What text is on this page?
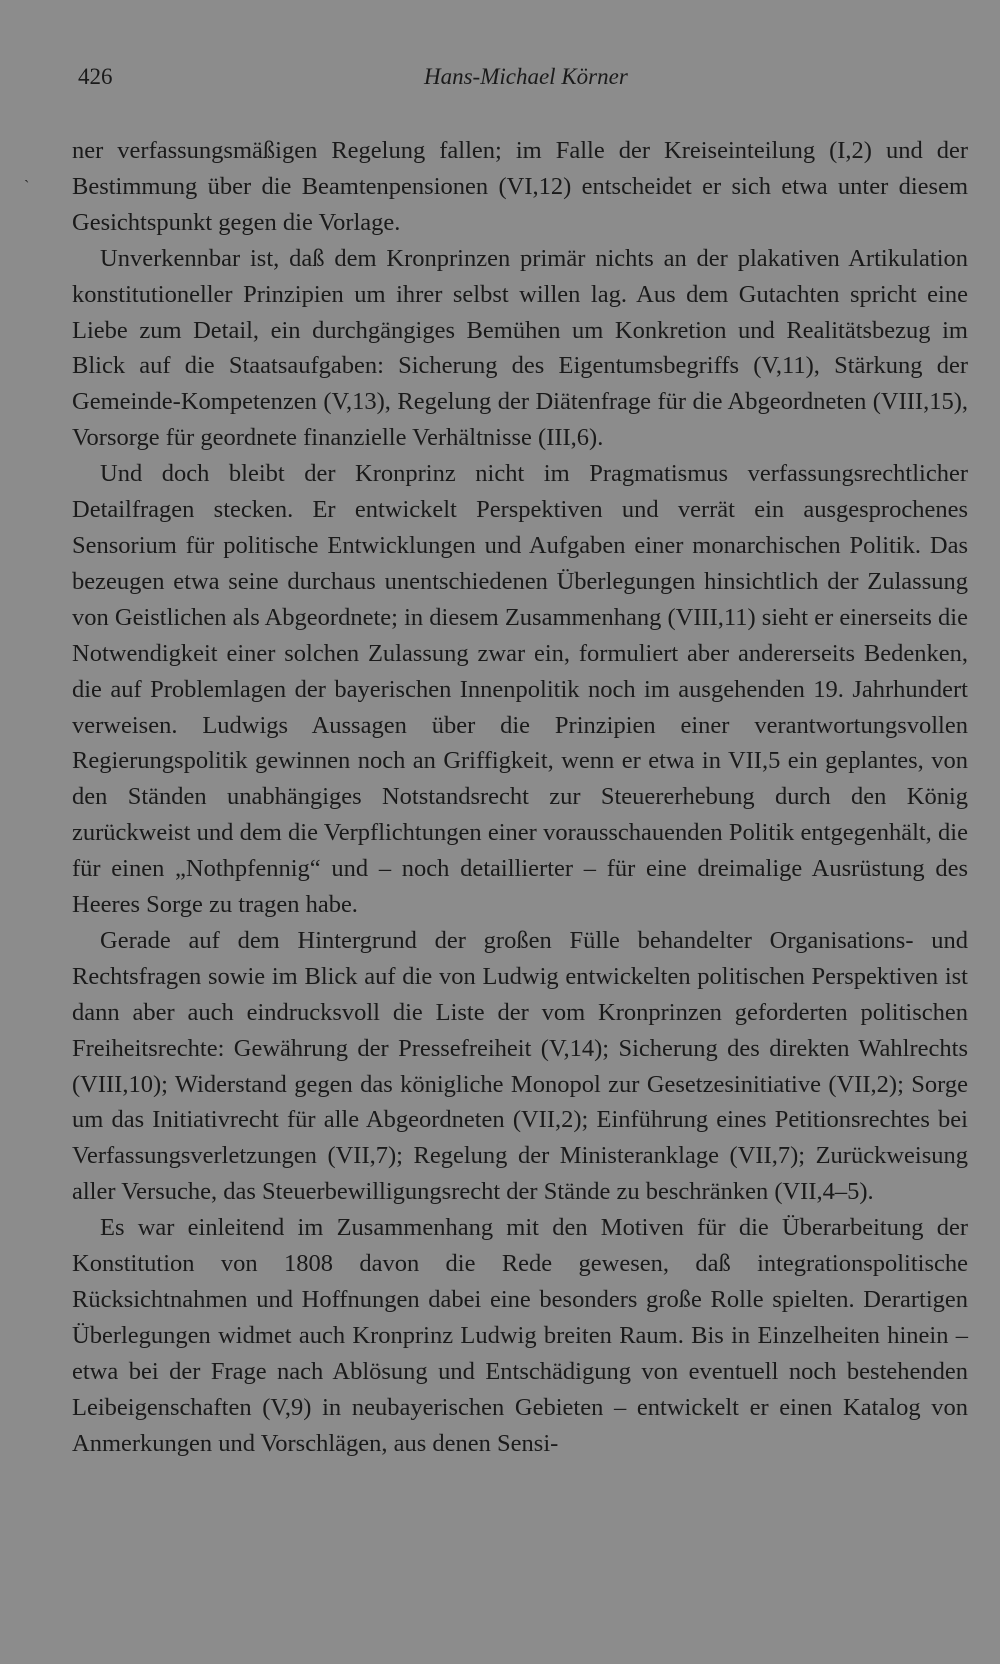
426	Hans-Michael Körner
`

ner verfassungsmäßigen Regelung fallen; im Falle der Kreiseinteilung (I,2) und der Bestimmung über die Beamtenpensionen (VI,12) entscheidet er sich etwa unter diesem Gesichtspunkt gegen die Vorlage.

Unverkennbar ist, daß dem Kronprinzen primär nichts an der plakativen Artikulation konstitutioneller Prinzipien um ihrer selbst willen lag. Aus dem Gutachten spricht eine Liebe zum Detail, ein durchgängiges Bemühen um Konkretion und Realitätsbezug im Blick auf die Staatsaufgaben: Sicherung des Eigentumsbegriffs (V,11), Stärkung der Gemeinde-Kompetenzen (V,13), Regelung der Diätenfrage für die Abgeordneten (VIII,15), Vorsorge für geordnete finanzielle Verhältnisse (III,6).

Und doch bleibt der Kronprinz nicht im Pragmatismus verfassungsrechtlicher Detailfragen stecken. Er entwickelt Perspektiven und verrät ein ausgesprochenes Sensorium für politische Entwicklungen und Aufgaben einer monarchischen Politik. Das bezeugen etwa seine durchaus unentschiedenen Überlegungen hinsichtlich der Zulassung von Geistlichen als Abgeordnete; in diesem Zusammenhang (VIII,11) sieht er einerseits die Notwendigkeit einer solchen Zulassung zwar ein, formuliert aber andererseits Bedenken, die auf Problemlagen der bayerischen Innenpolitik noch im ausgehenden 19. Jahrhundert verweisen. Ludwigs Aussagen über die Prinzipien einer verantwortungsvollen Regierungspolitik gewinnen noch an Griffigkeit, wenn er etwa in VII,5 ein geplantes, von den Ständen unabhängiges Notstandsrecht zur Steuererhebung durch den König zurückweist und dem die Verpflichtungen einer vorausschauenden Politik entgegenhält, die für einen „Nothpfennig“ und – noch detaillierter – für eine dreimalige Ausrüstung des Heeres Sorge zu tragen habe.

Gerade auf dem Hintergrund der großen Fülle behandelter Organisations- und Rechtsfragen sowie im Blick auf die von Ludwig entwickelten politischen Perspektiven ist dann aber auch eindrucksvoll die Liste der vom Kronprinzen geforderten politischen Freiheitsrechte: Gewährung der Pressefreiheit (V,14); Sicherung des direkten Wahlrechts (VIII,10); Widerstand gegen das königliche Monopol zur Gesetzesinitiative (VII,2); Sorge um das Initiativrecht für alle Abgeordneten (VII,2); Einführung eines Petitionsrechtes bei Verfassungsverletzungen (VII,7); Regelung der Ministeranklage (VII,7); Zurückweisung aller Versuche, das Steuerbewilligungsrecht der Stände zu beschränken (VII,4–5).

Es war einleitend im Zusammenhang mit den Motiven für die Überarbeitung der Konstitution von 1808 davon die Rede gewesen, daß integrationspolitische Rücksichtnahmen und Hoffnungen dabei eine besonders große Rolle spielten. Derartigen Überlegungen widmet auch Kronprinz Ludwig breiten Raum. Bis in Einzelheiten hinein – etwa bei der Frage nach Ablösung und Entschädigung von eventuell noch bestehenden Leibeigenschaften (V,9) in neubayerischen Gebieten – entwickelt er einen Katalog von Anmerkungen und Vorschlägen, aus denen Sensi-
